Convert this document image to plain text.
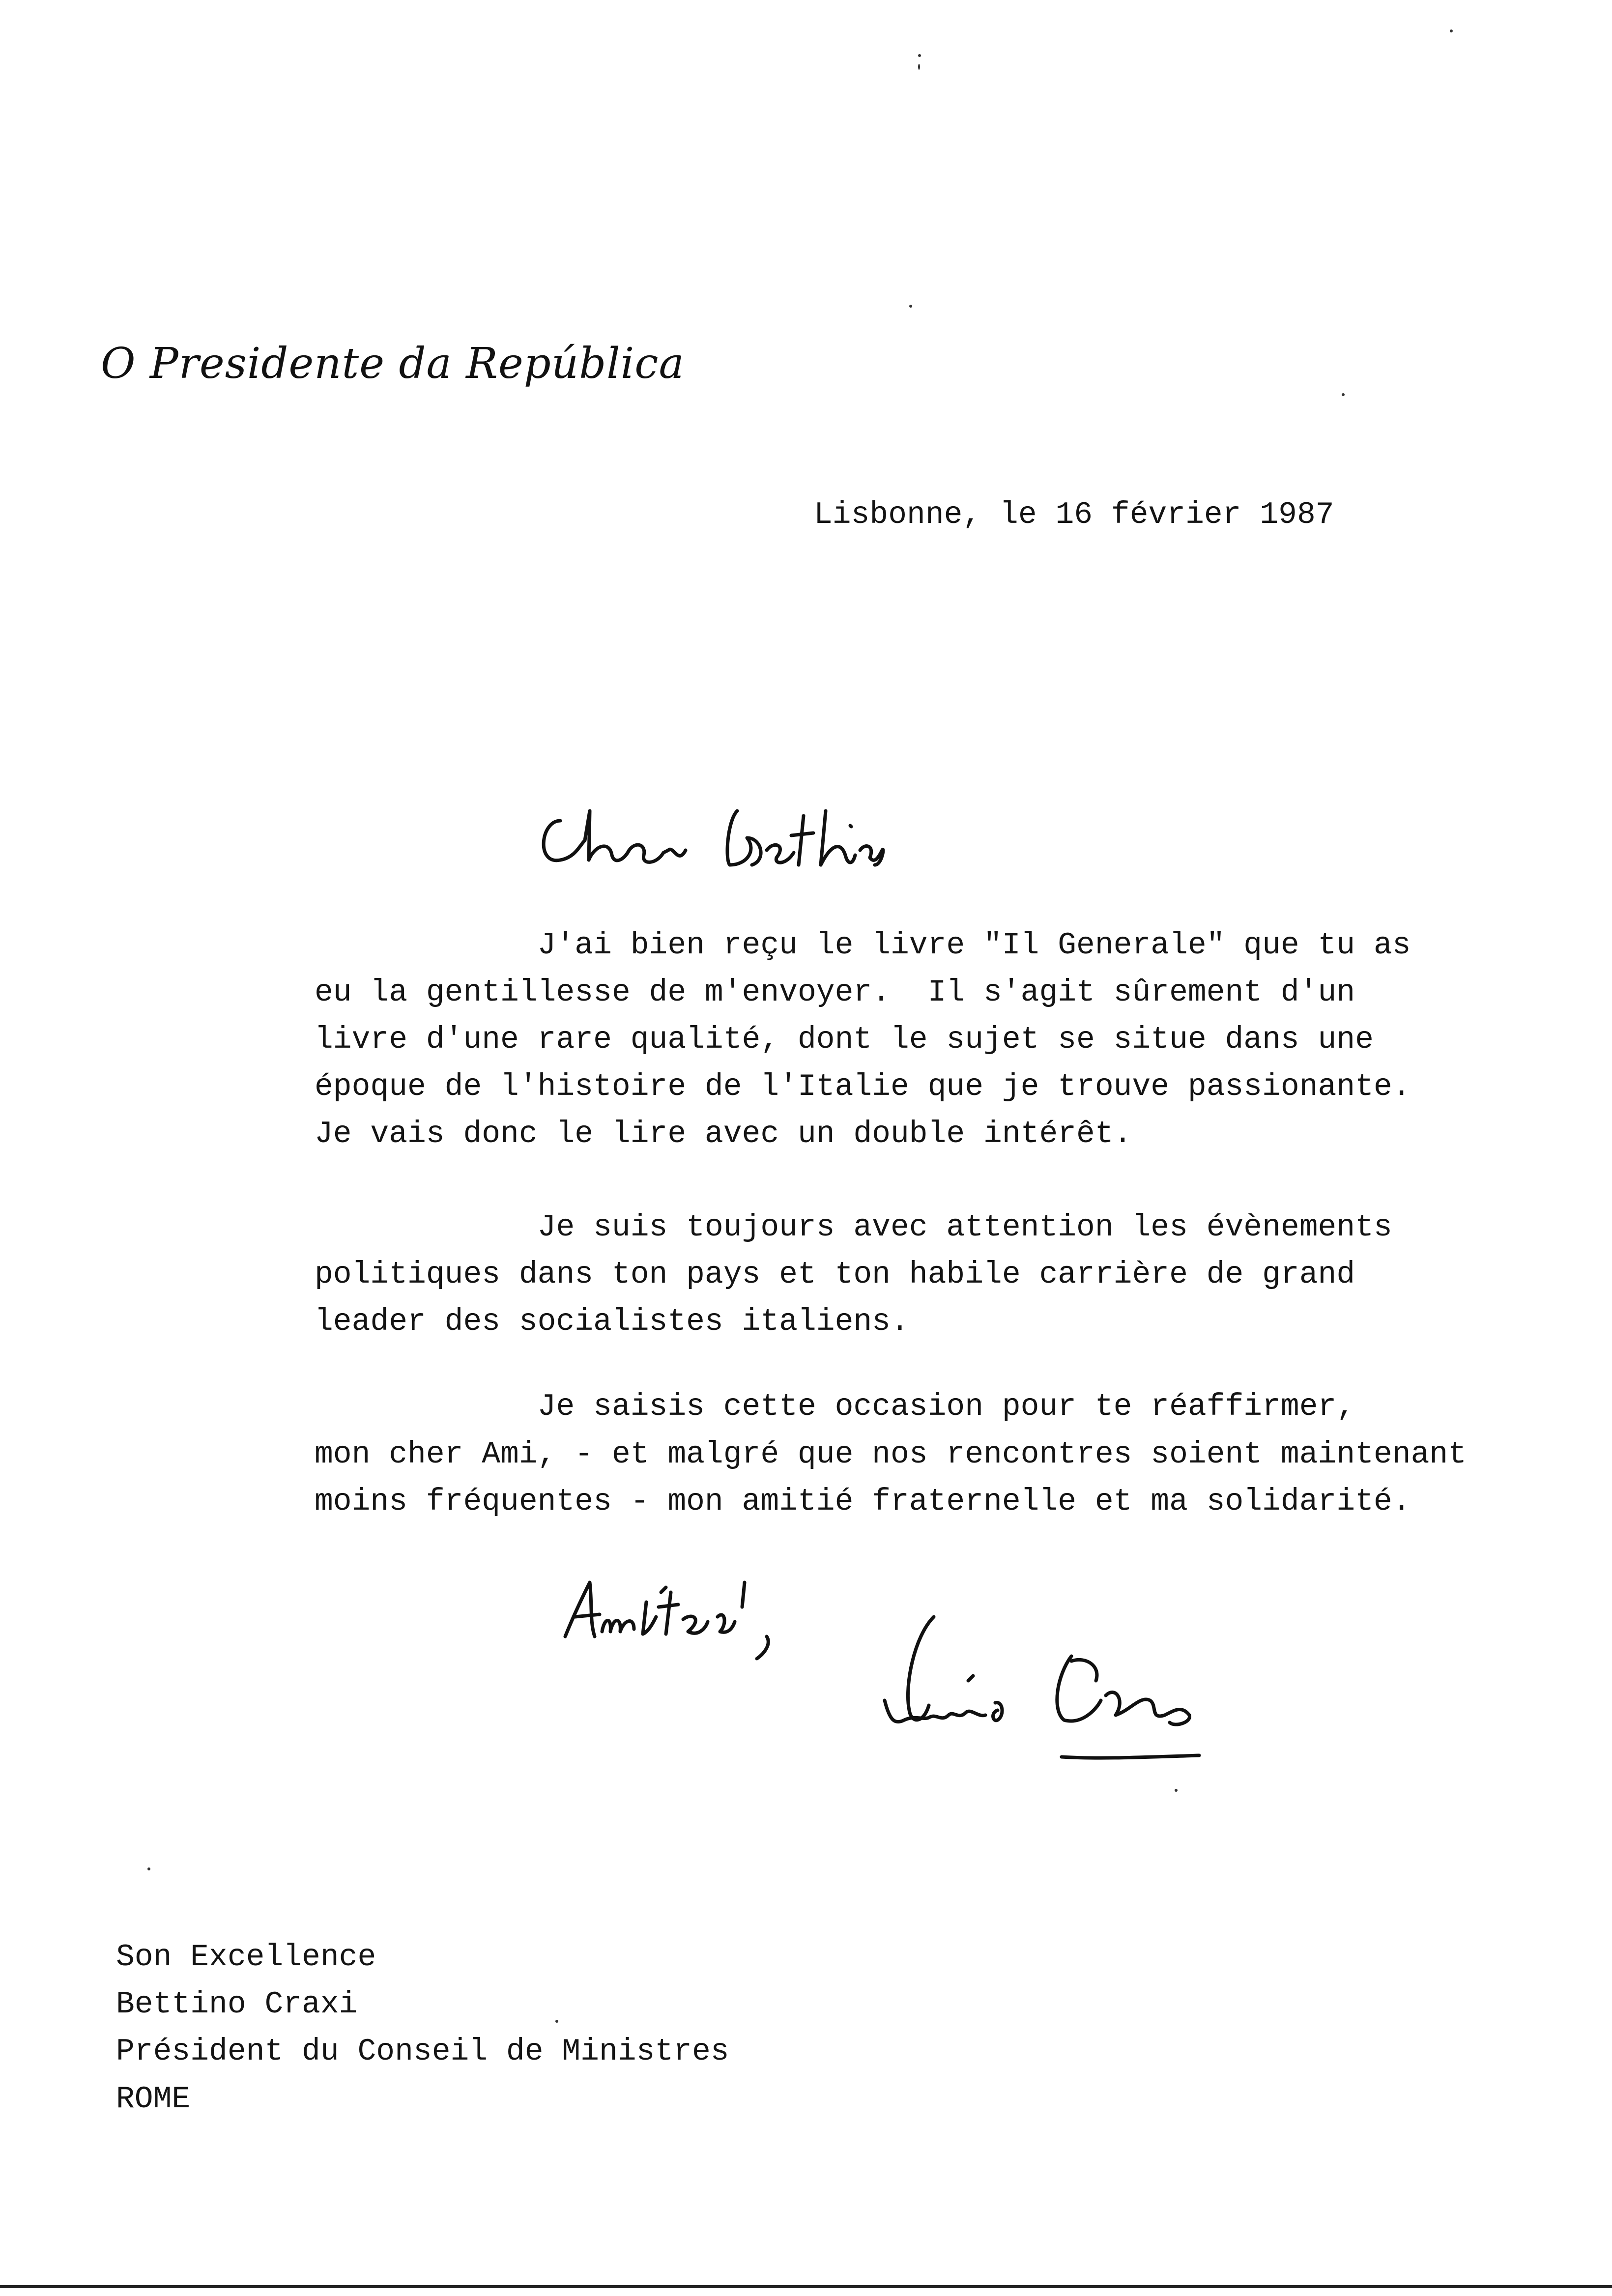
O Presidente da República
Lisbonne, le 16 février 1987
J'ai bien reçu le livre "Il Generale" que tu as
eu la gentillesse de m'envoyer.  Il s'agit sûrement d'un
livre d'une rare qualité, dont le sujet se situe dans une
époque de l'histoire de l'Italie que je trouve passionante.
Je vais donc le lire avec un double intérêt.
Je suis toujours avec attention les évènements
politiques dans ton pays et ton habile carrière de grand
leader des socialistes italiens.
Je saisis cette occasion pour te réaffirmer,
mon cher Ami, - et malgré que nos rencontres soient maintenant
moins fréquentes - mon amitié fraternelle et ma solidarité.
Son Excellence
Bettino Craxi
Président du Conseil de Ministres
ROME
